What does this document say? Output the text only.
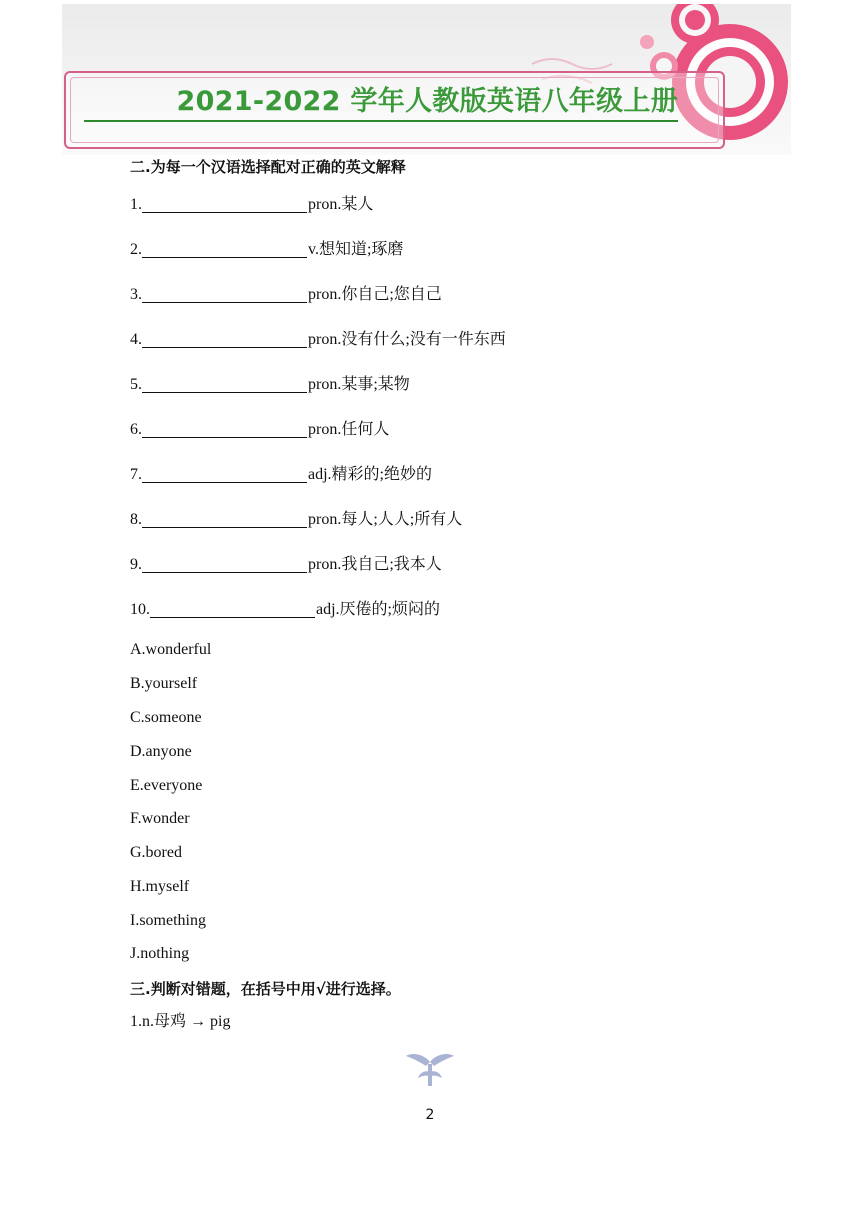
2021-2022 学年人教版英语八年级上册
二.为每一个汉语选择配对正确的英文解释
1.	pron.某人
2.	v.想知道;琢磨
3.	pron.你自己;您自己
4.	pron.没有什么;没有一件东西
5.	pron.某事;某物
6.	pron.任何人
7.	adj.精彩的;绝妙的
8.	pron.每人;人人;所有人
9.	pron.我自己;我本人
10.	adj.厌倦的;烦闷的
A.wonderful
B.yourself
C.someone
D.anyone
E.everyone
F.wonder
G.bored
H.myself
I.something
J.nothing
三.判断对错题，在括号中用√进行选择。
1.n.母鸡 → pig
2
